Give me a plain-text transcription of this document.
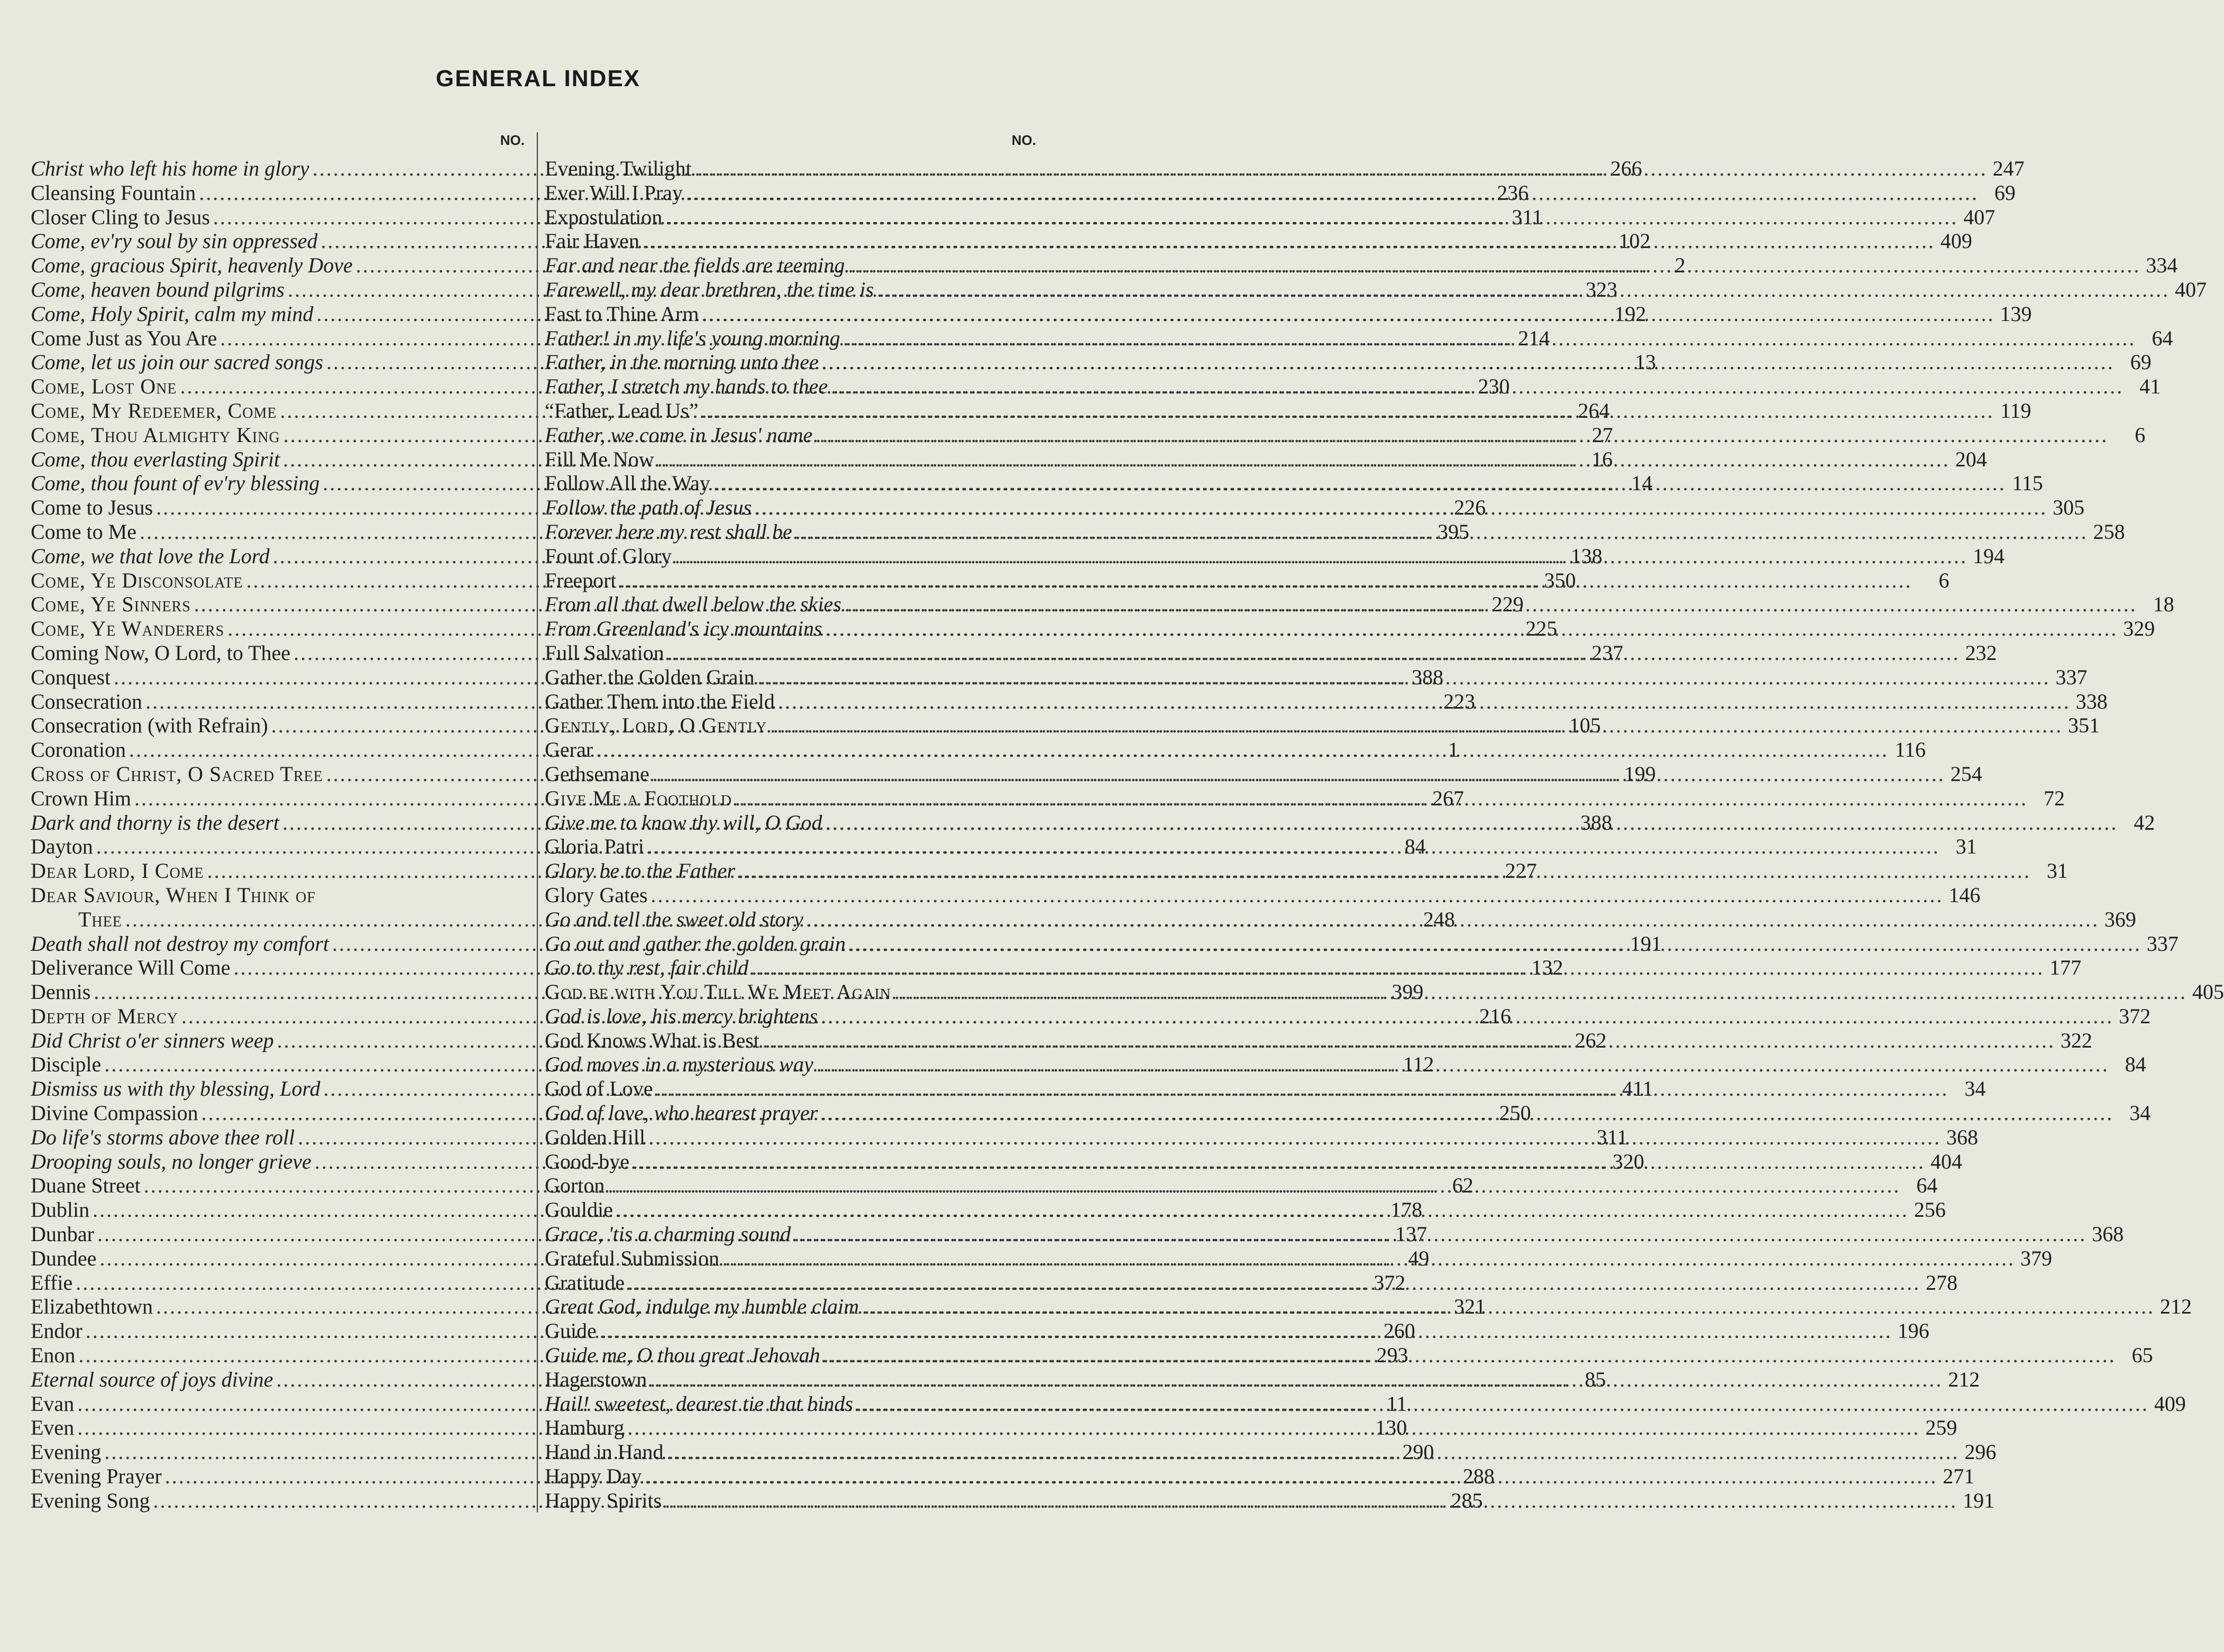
GENERAL INDEX
NO.
Christ who left his home in glory .....	266
Cleansing Fountain .....	236
Closer Cling to Jesus .....	311
Come, ev'ry soul by sin oppressed .....	102
Come, gracious Spirit, heavenly Dove .....	2
Come, heaven bound pilgrims .....	323
Come, Holy Spirit, calm my mind .....	192
Come Just as You Are .....	214
Come, let us join our sacred songs .....	13
Come, Lost One .....	230
Come, My Redeemer, Come .....	264
Come, Thou Almighty King .....	27
Come, thou everlasting Spirit .....	16
Come, thou fount of ev'ry blessing .....	14
Come to Jesus .....	226
Come to Me .....	395
Come, we that love the Lord .....	138
Come, Ye Disconsolate .....	350
Come, Ye Sinners .....	229
Come, Ye Wanderers .....	225
Coming Now, O Lord, to Thee .....	237
Conquest .....	388
Consecration .....	223
Consecration (with Refrain) .....	105
Coronation .....	1
Cross of Christ, O Sacred Tree .....	199
Crown Him .....	267
Dark and thorny is the desert .....	388
Dayton .....	84
Dear Lord, I Come .....	227
Dear Saviour, When I Think of
Thee .....	248
Death shall not destroy my comfort .....	191
Deliverance Will Come .....	132
Dennis .....	399
Depth of Mercy .....	216
Did Christ o'er sinners weep .....	262
Disciple .....	112
Dismiss us with thy blessing, Lord .....	411
Divine Compassion .....	250
Do life's storms above thee roll .....	311
Drooping souls, no longer grieve .....	320
Duane Street .....	62
Dublin .....	178
Dunbar .....	137
Dundee .....	49
Effie .....	372
Elizabethtown .....	321
Endor .....	260
Enon .....	293
Eternal source of joys divine .....	85
Evan .....	11
Even .....	130
Evening .....	290
Evening Prayer .....	288
Evening Song .....	285
NO.
Evening Twilight .....	247
Ever Will I Pray .....	69
Expostulation .....	407
Fair Haven .....	409
Far and near the fields are teeming .....	334
Farewell, my dear brethren, the time is .....	407
Fast to Thine Arm .....	139
Father! in my life's young morning .....	64
Father, in the morning unto thee .....	69
Father, I stretch my hands to thee .....	41
“Father, Lead Us” .....	119
Father, we come in Jesus' name .....	6
Fill Me Now .....	204
Follow All the Way .....	115
Follow the path of Jesus .....	305
Forever here my rest shall be .....	258
Fount of Glory .....	194
Freeport .....	6
From all that dwell below the skies .....	18
From Greenland's icy mountains .....	329
Full Salvation .....	232
Gather the Golden Grain .....	337
Gather Them into the Field .....	338
Gently, Lord, O Gently .....	351
Gerar .....	116
Gethsemane .....	254
Give Me a Foothold .....	72
Give me to know thy will, O God .....	42
Gloria Patri .....	31
Glory be to the Father .....	31
Glory Gates .....	146
Go and tell the sweet old story .....	369
Go out and gather the golden grain .....	337
Go to thy rest, fair child .....	177
God be with You Till We Meet Again .....	405
God is love, his mercy brightens .....	372
God Knows What is Best .....	322
God moves in a mysterious way .....	84
God of Love .....	34
God of love, who hearest prayer .....	34
Golden Hill .....	368
Good-bye .....	404
Gorton .....	64
Gouldie .....	256
Grace, 'tis a charming sound .....	368
Grateful Submission .....	379
Gratitude .....	278
Great God, indulge my humble claim .....	212
Guide .....	196
Guide me, O thou great Jehovah .....	65
Hagerstown .....	212
Hail! sweetest, dearest tie that binds .....	409
Hamburg .....	259
Hand in Hand .....	296
Happy Day .....	271
Happy Spirits .....	191
